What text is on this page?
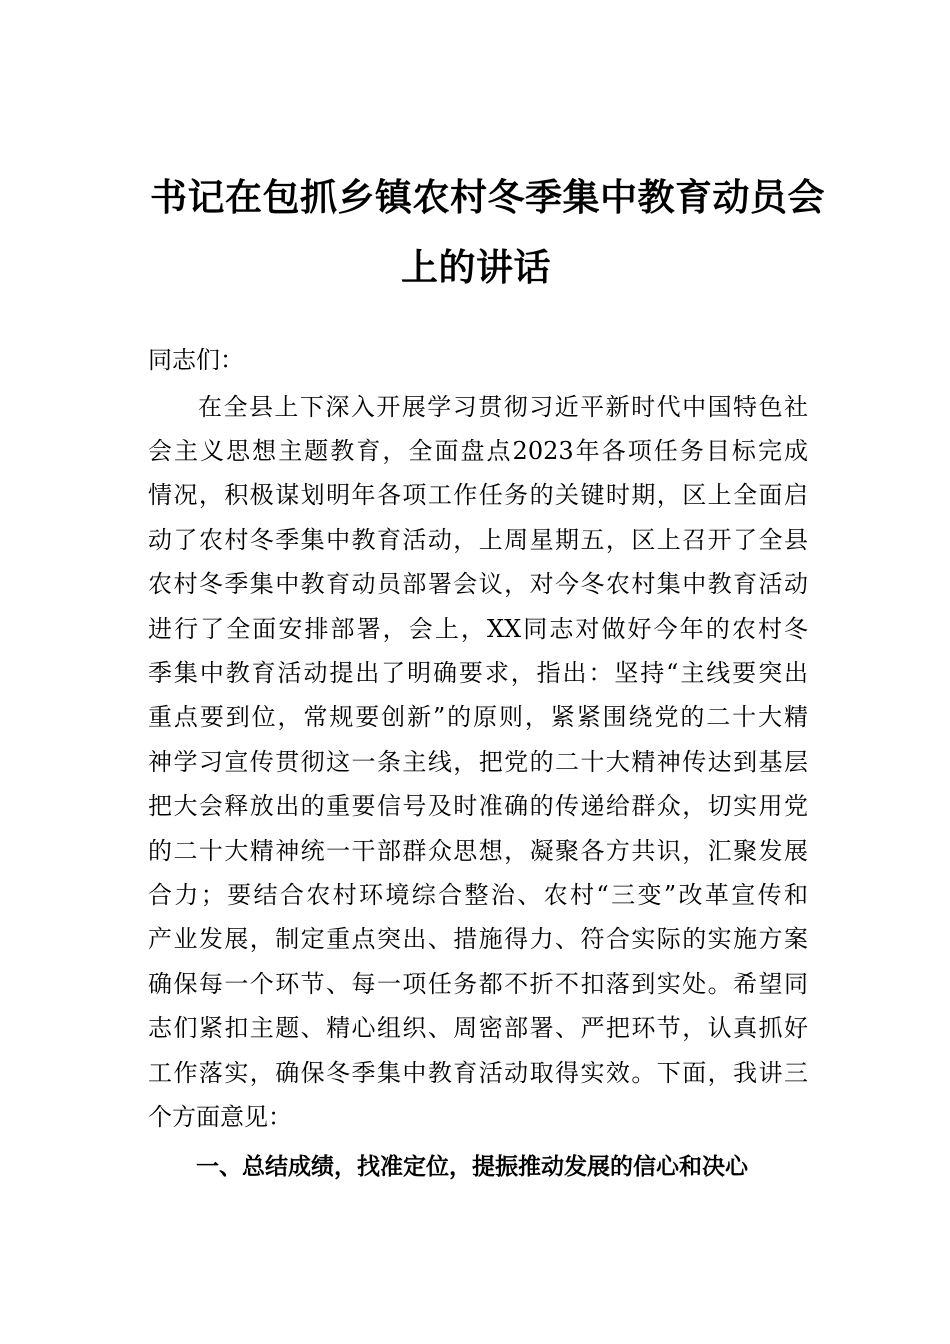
书记在包抓乡镇农村冬季集中教育动员会
上的讲话

同志们：

在全县上下深入开展学习贯彻习近平新时代中国特色社

会主义思想主题教育，全面盘点2023年各项任务目标完成

情况，积极谋划明年各项工作任务的关键时期，区上全面启

动了农村冬季集中教育活动，上周星期五，区上召开了全县

农村冬季集中教育动员部署会议，对今冬农村集中教育活动

进行了全面安排部署，会上，XX同志对做好今年的农村冬

季集中教育活动提出了明确要求，指出：坚持“主线要突出

重点要到位，常规要创新”的原则，紧紧围绕党的二十大精

神学习宣传贯彻这一条主线，把党的二十大精神传达到基层

把大会释放出的重要信号及时准确的传递给群众，切实用党

的二十大精神统一干部群众思想，凝聚各方共识，汇聚发展

合力；要结合农村环境综合整治、农村“三变”改革宣传和

产业发展，制定重点突出、措施得力、符合实际的实施方案

确保每一个环节、每一项任务都不折不扣落到实处。希望同

志们紧扣主题、精心组织、周密部署、严把环节，认真抓好

工作落实，确保冬季集中教育活动取得实效。下面，我讲三

个方面意见：

一、总结成绩，找准定位，提振推动发展的信心和决心
